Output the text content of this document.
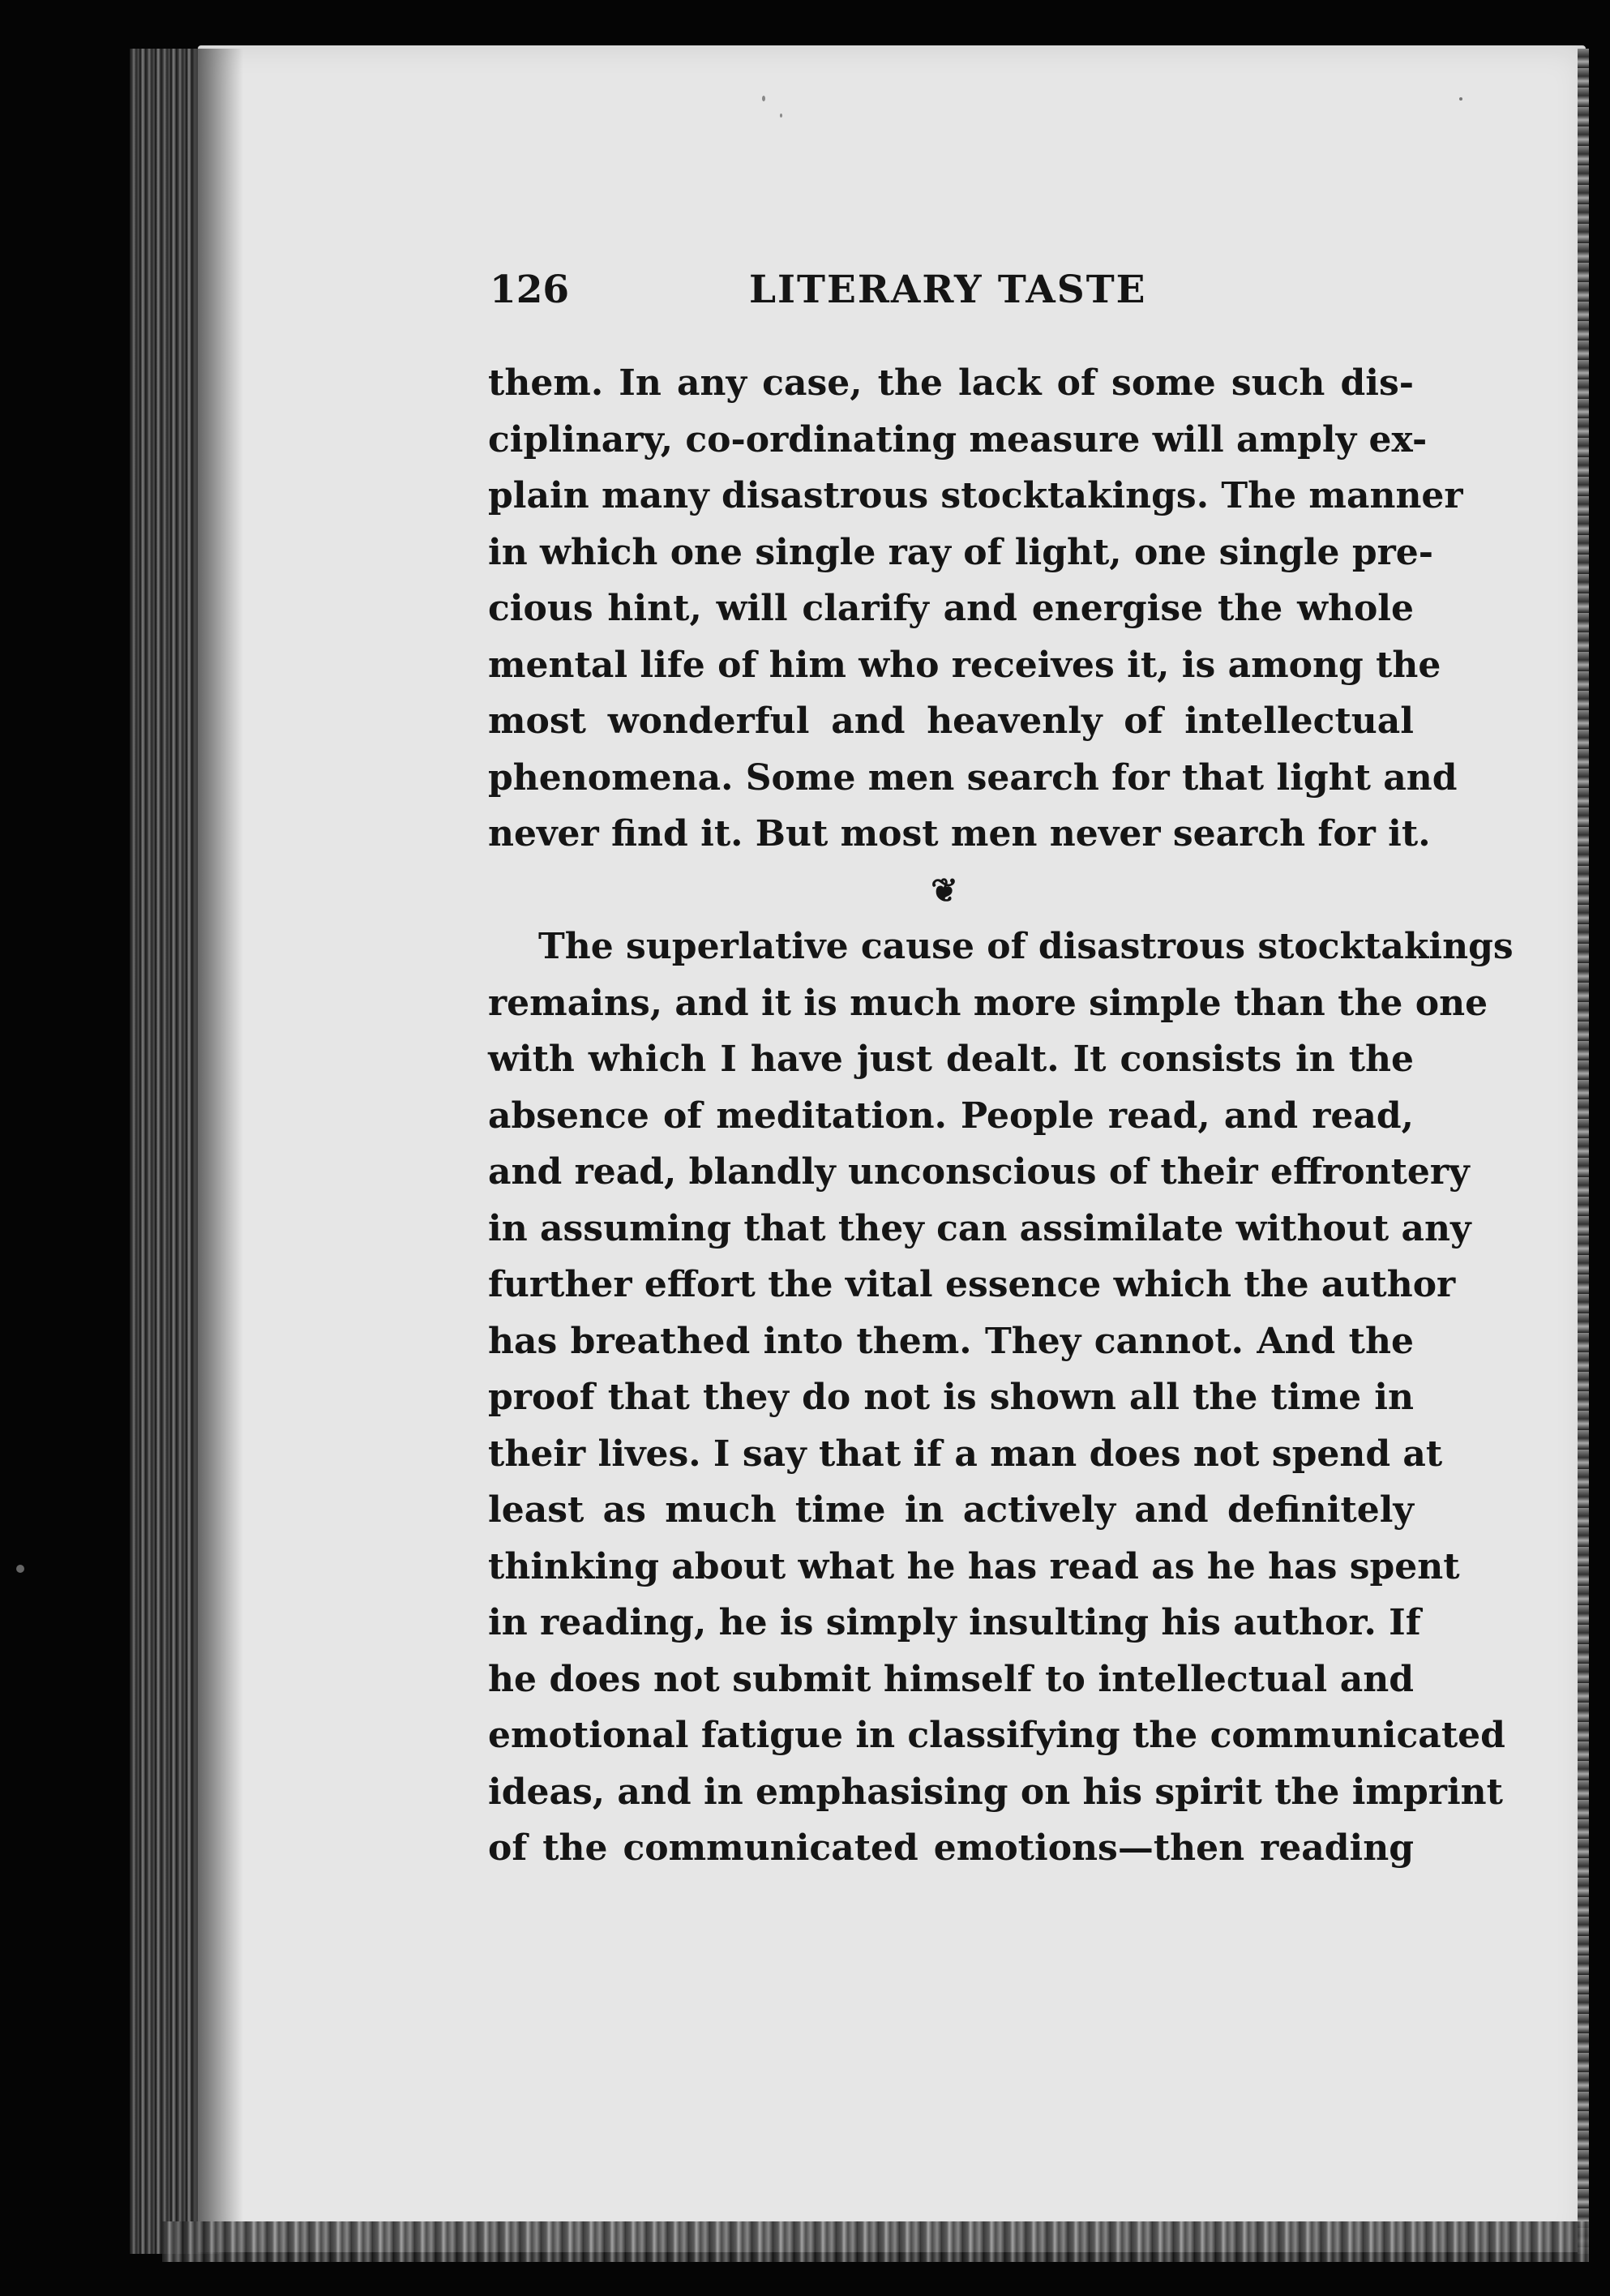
126	LITERARY TASTE
them. In any case, the lack of some such dis-
ciplinary, co-ordinating measure will amply ex-
plain many disastrous stocktakings. The manner
in which one single ray of light, one single pre-
cious hint, will clarify and energise the whole
mental life of him who receives it, is among the
most wonderful and heavenly of intellectual
phenomena. Some men search for that light and
never find it. But most men never search for it.
❦
The superlative cause of disastrous stocktakings
remains, and it is much more simple than the one
with which I have just dealt. It consists in the
absence of meditation. People read, and read,
and read, blandly unconscious of their effrontery
in assuming that they can assimilate without any
further effort the vital essence which the author
has breathed into them. They cannot. And the
proof that they do not is shown all the time in
their lives. I say that if a man does not spend at
least as much time in actively and definitely
thinking about what he has read as he has spent
in reading, he is simply insulting his author. If
he does not submit himself to intellectual and
emotional fatigue in classifying the communicated
ideas, and in emphasising on his spirit the imprint
of the communicated emotions—then reading
